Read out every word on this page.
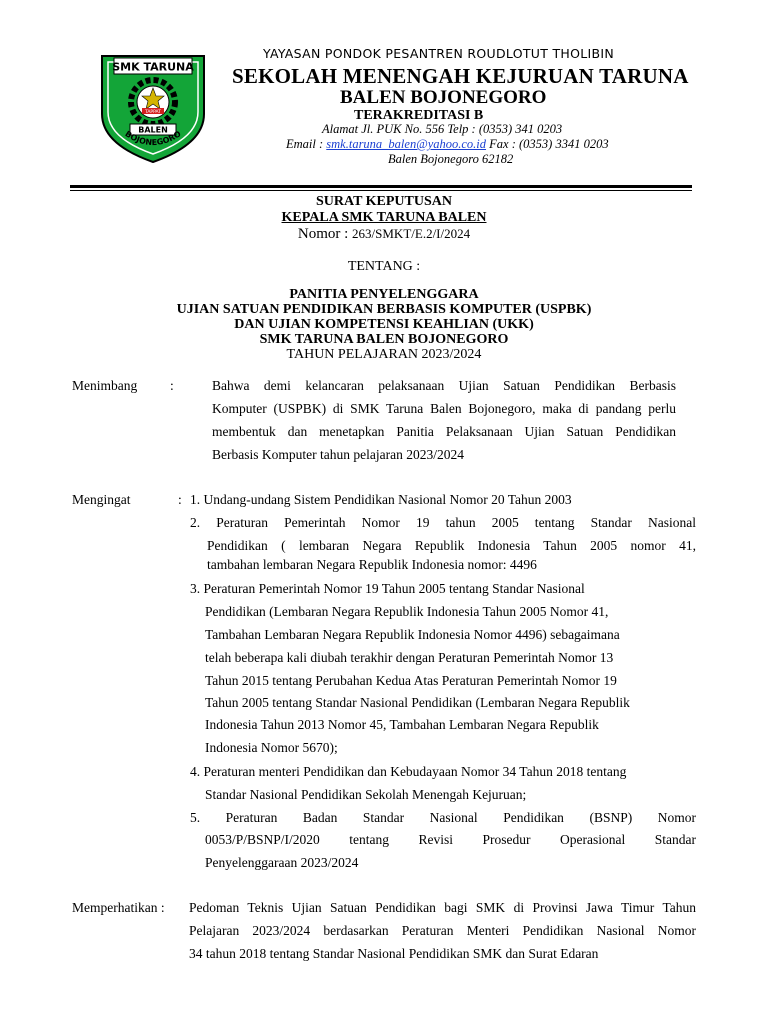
SMK TARUNA
TAPPAT
BALEN
BOJONEGORO
YAYASAN PONDOK PESANTREN ROUDLOTUT THOLIBIN
SEKOLAH MENENGAH KEJURUAN TARUNA
BALEN BOJONEGORO
TERAKREDITASI B
Alamat Jl. PUK No. 556 Telp : (0353) 341 0203
Email : smk.taruna_balen@yahoo.co.id Fax : (0353) 3341 0203
Balen Bojonegoro 62182
SURAT KEPUTUSAN
KEPALA SMK TARUNA BALEN
Nomor : 263/SMKT/E.2/I/2024
TENTANG :
PANITIA PENYELENGGARA
UJIAN SATUAN PENDIDIKAN BERBASIS KOMPUTER (USPBK)
DAN UJIAN KOMPETENSI KEAHLIAN (UKK)
SMK TARUNA BALEN BOJONEGORO
TAHUN PELAJARAN 2023/2024
Menimbang :	Bahwa demi kelancaran pelaksanaan Ujian Satuan Pendidikan Berbasis
Komputer (USPBK) di SMK Taruna Balen Bojonegoro, maka di pandang perlu
membentuk dan menetapkan Panitia Pelaksanaan Ujian Satuan Pendidikan
Berbasis Komputer tahun pelajaran 2023/2024
Mengingat	: 1. Undang-undang Sistem Pendidikan Nasional Nomor 20 Tahun 2003
2. Peraturan Pemerintah Nomor 19 tahun 2005 tentang Standar Nasional
Pendidikan ( lembaran Negara Republik Indonesia Tahun 2005 nomor 41,
tambahan lembaran Negara Republik Indonesia nomor: 4496
3. Peraturan Pemerintah Nomor 19 Tahun 2005 tentang Standar Nasional
Pendidikan (Lembaran Negara Republik Indonesia Tahun 2005 Nomor 41,
Tambahan Lembaran Negara Republik Indonesia Nomor 4496) sebagaimana
telah beberapa kali diubah terakhir dengan Peraturan Pemerintah Nomor 13
Tahun 2015 tentang Perubahan Kedua Atas Peraturan Pemerintah Nomor 19
Tahun 2005 tentang Standar Nasional Pendidikan (Lembaran Negara Republik
Indonesia Tahun 2013 Nomor 45, Tambahan Lembaran Negara Republik
Indonesia Nomor 5670);
4. Peraturan menteri Pendidikan dan Kebudayaan Nomor 34 Tahun 2018 tentang
Standar Nasional Pendidikan Sekolah Menengah Kejuruan;
5. Peraturan Badan Standar Nasional Pendidikan (BSNP) Nomor
0053/P/BSNP/I/2020 tentang Revisi Prosedur Operasional Standar
Penyelenggaraan 2023/2024
Memperhatikan : Pedoman Teknis Ujian Satuan Pendidikan bagi SMK di Provinsi Jawa Timur Tahun
Pelajaran 2023/2024 berdasarkan Peraturan Menteri Pendidikan Nasional Nomor
34 tahun 2018 tentang Standar Nasional Pendidikan SMK dan Surat Edaran
